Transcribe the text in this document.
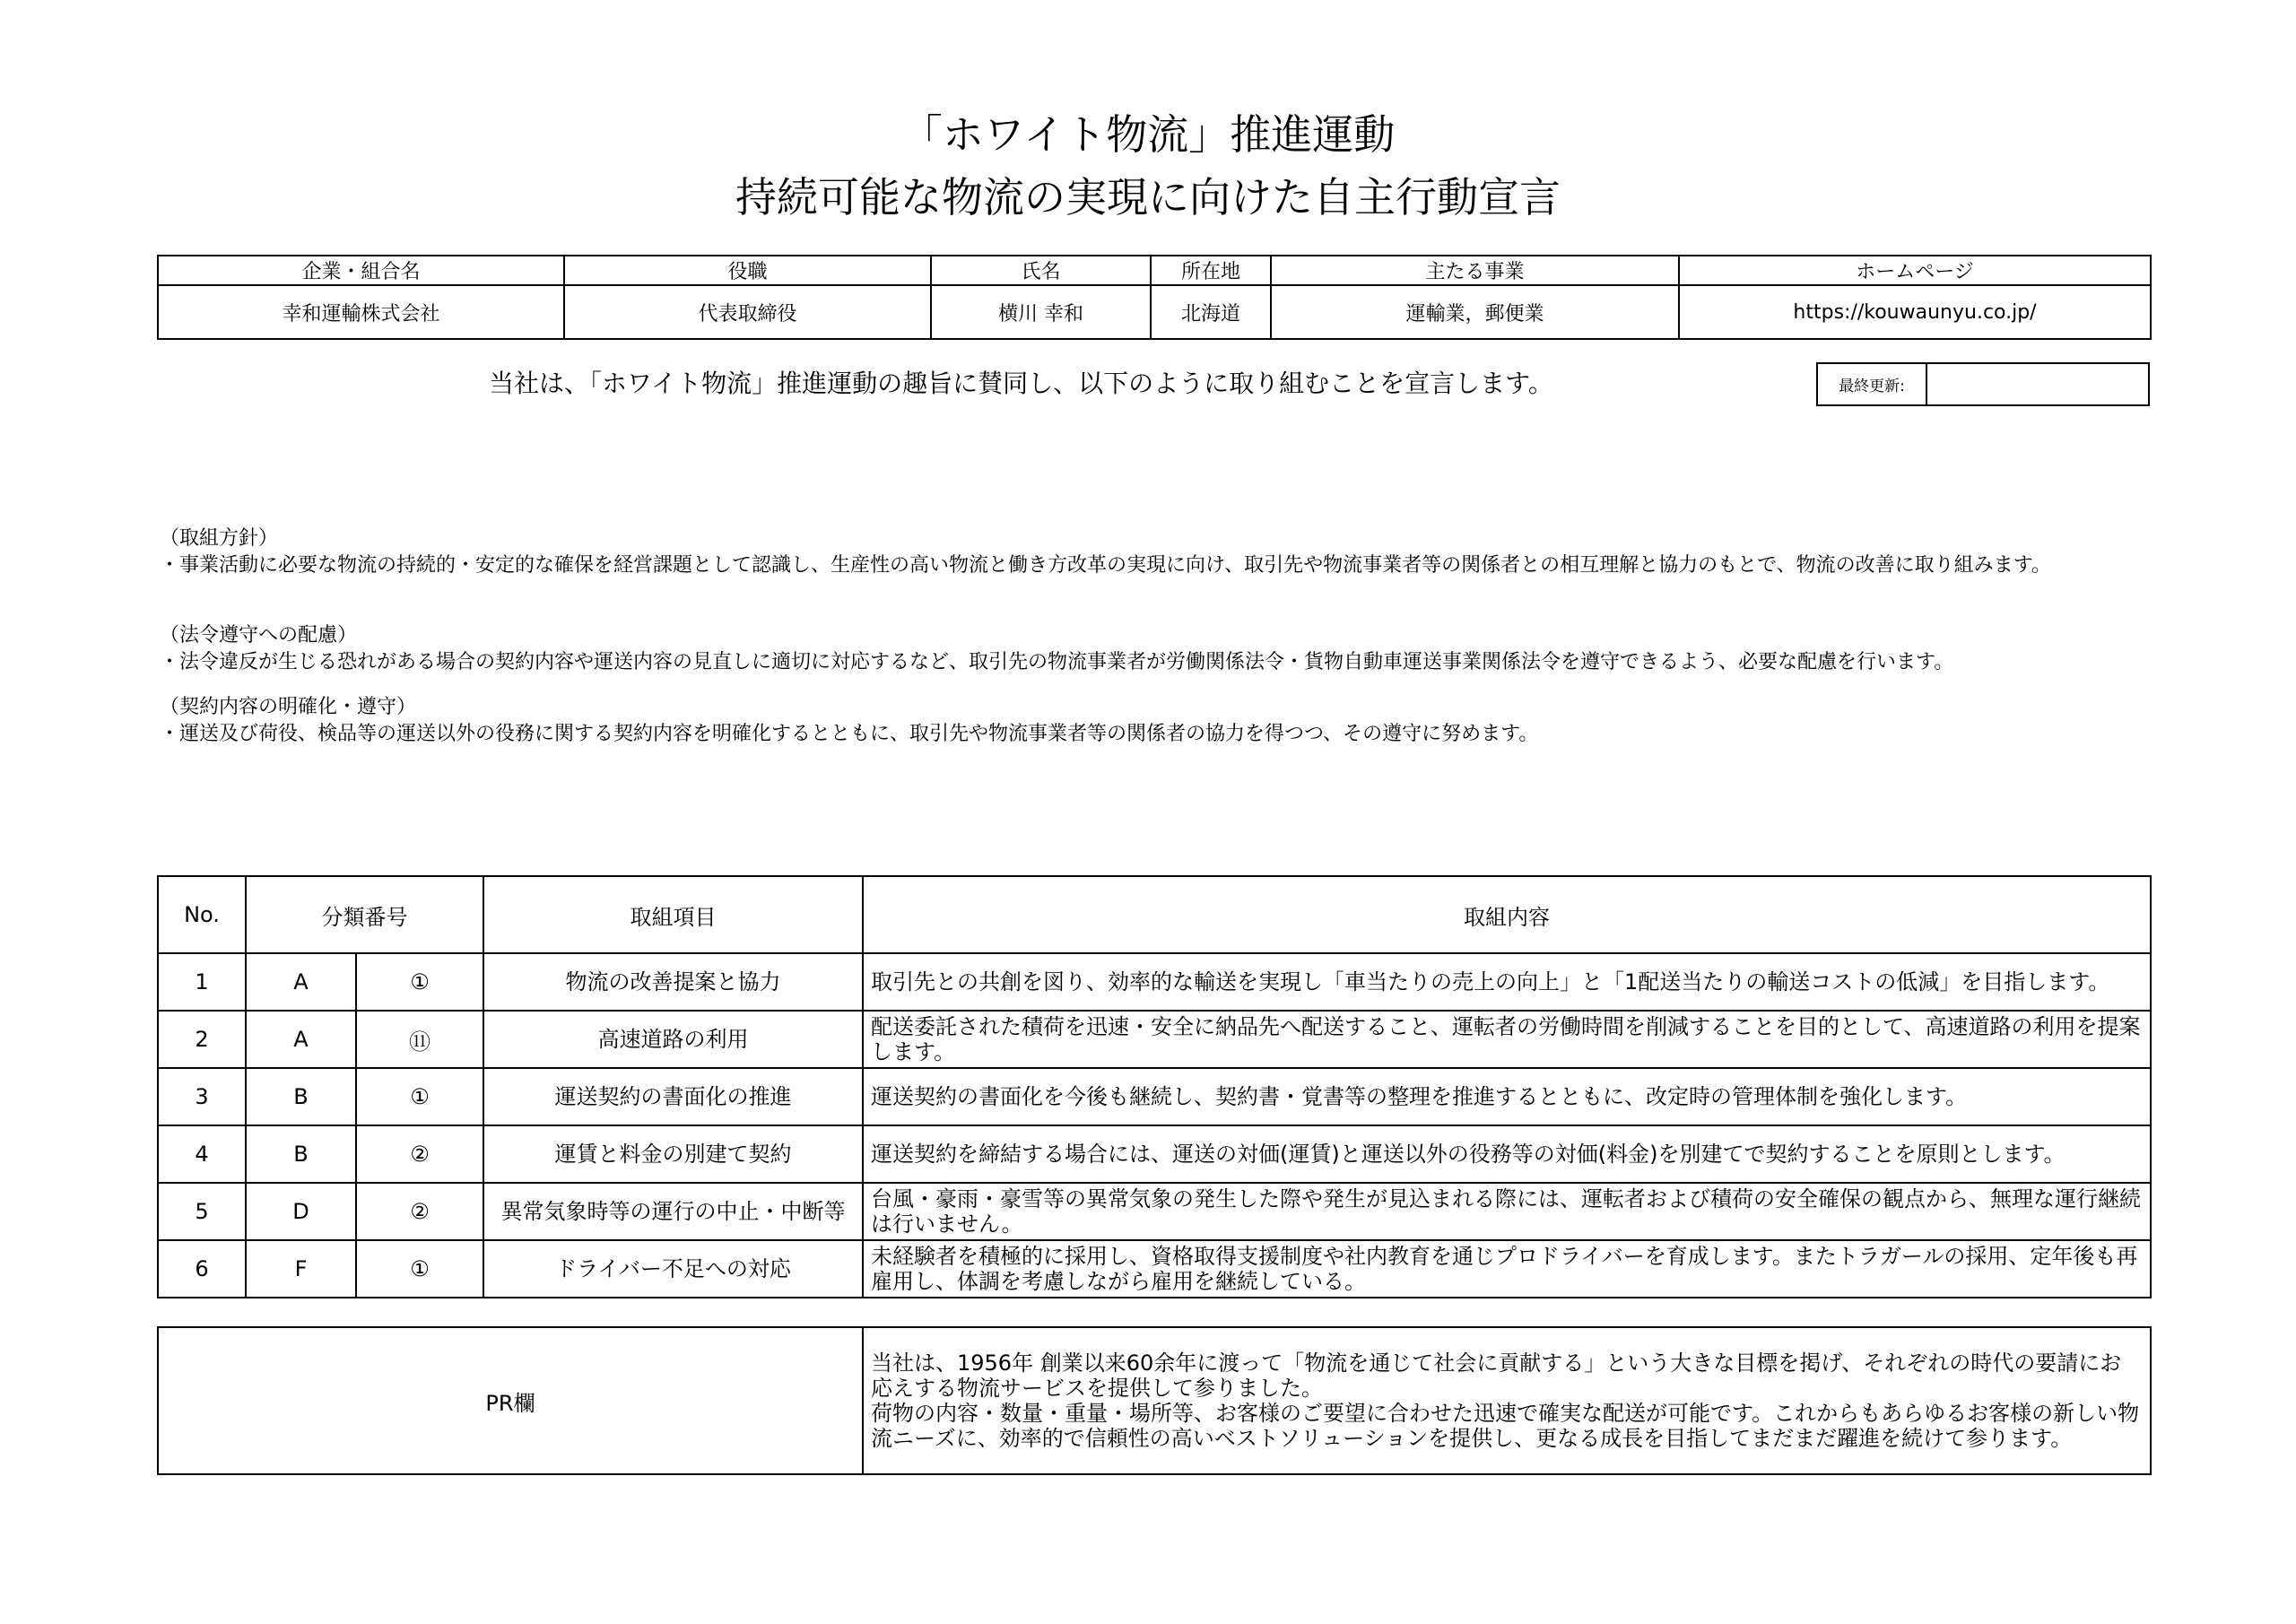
「ホワイト物流」推進運動
持続可能な物流の実現に向けた自主行動宣言
企業・組合名	役職	氏名	所在地	主たる事業	ホームページ
幸和運輸株式会社	代表取締役	横川 幸和	北海道	運輸業，郵便業	https://kouwaunyu.co.jp/
当社は、「ホワイト物流」推進運動の趣旨に賛同し、以下のように取り組むことを宣言します。	最終更新:	
（取組方針）
・事業活動に必要な物流の持続的・安定的な確保を経営課題として認識し、生産性の高い物流と働き方改革の実現に向け、取引先や物流事業者等の関係者との相互理解と協力のもとで、物流の改善に取り組みます。
（法令遵守への配慮）
・法令違反が生じる恐れがある場合の契約内容や運送内容の見直しに適切に対応するなど、取引先の物流事業者が労働関係法令・貨物自動車運送事業関係法令を遵守できるよう、必要な配慮を行います。
（契約内容の明確化・遵守）
・運送及び荷役、検品等の運送以外の役務に関する契約内容を明確化するとともに、取引先や物流事業者等の関係者の協力を得つつ、その遵守に努めます。
No.	分類番号		取組項目	取組内容
1	A	①	物流の改善提案と協力	取引先との共創を図り、効率的な輸送を実現し「車当たりの売上の向上」と「1配送当たりの輸送コストの低減」を目指します。
2	A	⑪	高速道路の利用	配送委託された積荷を迅速・安全に納品先へ配送すること、運転者の労働時間を削減することを目的として、高速道路の利用を提案します。
3	B	①	運送契約の書面化の推進	運送契約の書面化を今後も継続し、契約書・覚書等の整理を推進するとともに、改定時の管理体制を強化します。
4	B	②	運賃と料金の別建て契約	運送契約を締結する場合には、運送の対価(運賃)と運送以外の役務等の対価(料金)を別建てで契約することを原則とします。
5	D	②	異常気象時等の運行の中止・中断等	台風・豪雨・豪雪等の異常気象の発生した際や発生が見込まれる際には、運転者および積荷の安全確保の観点から、無理な運行継続は行いません。
6	F	①	ドライバー不足への対応	未経験者を積極的に採用し、資格取得支援制度や社内教育を通じプロドライバーを育成します。またトラガールの採用、定年後も再雇用し、体調を考慮しながら雇用を継続している。
PR欄	当社は、1956年 創業以来60余年に渡って「物流を通じて社会に貢献する」という大きな目標を掲げ、それぞれの時代の要請にお応えする物流サービスを提供して参りました。
荷物の内容・数量・重量・場所等、お客様のご要望に合わせた迅速で確実な配送が可能です。これからもあらゆるお客様の新しい物流ニーズに、効率的で信頼性の高いベストソリューションを提供し、更なる成長を目指してまだまだ躍進を続けて参ります。
